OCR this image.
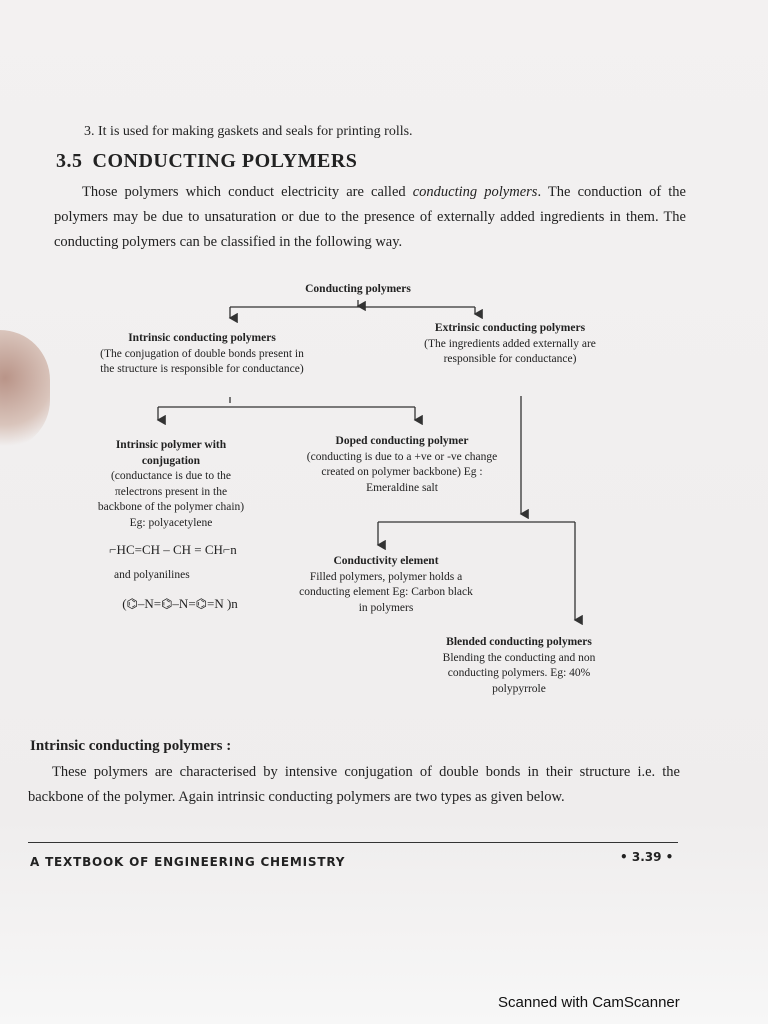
3. It is used for making gaskets and seals for printing rolls.
3.5 CONDUCTING POLYMERS
Those polymers which conduct electricity are called conducting polymers. The conduction of the polymers may be due to unsaturation or due to the presence of externally added ingredients in them. The conducting polymers can be classified in the following way.
Conducting polymers
Intrinsic conducting polymers
(The conjugation of double bonds present in the structure is responsible for conductance)
Extrinsic conducting polymers
(The ingredients added externally are responsible for conductance)
Intrinsic polymer with conjugation
(conductance is due to the πelectrons present in the backbone of the polymer chain) Eg: polyacetylene
⌐HC=CH – CH = CH⌐n
and polyanilines
(⌬–N=⌬–N=⌬=N )n
Doped conducting polymer
(conducting is due to a +ve or -ve change created on polymer backbone) Eg : Emeraldine salt
Conductivity element
Filled polymers, polymer holds a conducting element Eg: Carbon black in polymers
Blended conducting polymers
Blending the conducting and non conducting polymers. Eg: 40% polypyrrole
Intrinsic conducting polymers :
These polymers are characterised by intensive conjugation of double bonds in their structure i.e. the backbone of the polymer. Again intrinsic conducting polymers are two types as given below.
A TEXTBOOK OF ENGINEERING CHEMISTRY	• 3.39 •
Scanned with CamScanner
